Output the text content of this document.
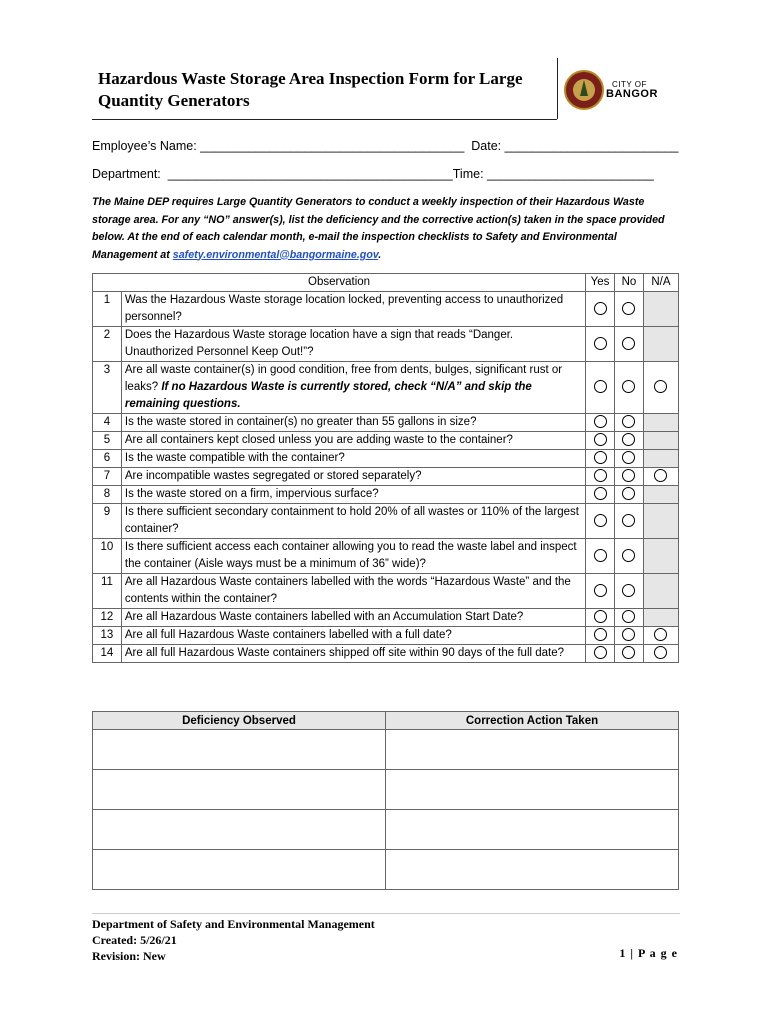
Hazardous Waste Storage Area Inspection Form for Large Quantity Generators
CITY OF
BANGOR
Employee’s Name: ______________________________________  Date: _________________________
Department:  _________________________________________Time: ________________________
The Maine DEP requires Large Quantity Generators to conduct a weekly inspection of their Hazardous Waste storage area. For any “NO” answer(s), list the deficiency and the corrective action(s) taken in the space provided below. At the end of each calendar month, e-mail the inspection checklists to Safety and Environmental Management at safety.environmental@bangormaine.gov.
Observation		Yes	No	N/A
1	Was the Hazardous Waste storage location locked, preventing access to unauthorized personnel?			
2	Does the Hazardous Waste storage location have a sign that reads “Danger. Unauthorized Personnel Keep Out!”?			
3	Are all waste container(s) in good condition, free from dents, bulges, significant rust or leaks? If no Hazardous Waste is currently stored, check “N/A” and skip the remaining questions.			
4	Is the waste stored in container(s) no greater than 55 gallons in size?			
5	Are all containers kept closed unless you are adding waste to the container?			
6	Is the waste compatible with the container?			
7	Are incompatible wastes segregated or stored separately?			
8	Is the waste stored on a firm, impervious surface?			
9	Is there sufficient secondary containment to hold 20% of all wastes or 110% of the largest container?			
10	Is there sufficient access each container allowing you to read the waste label and inspect the container (Aisle ways must be a minimum of 36” wide)?			
11	Are all Hazardous Waste containers labelled with the words “Hazardous Waste” and the contents within the container?			
12	Are all Hazardous Waste containers labelled with an Accumulation Start Date?			
13	Are all full Hazardous Waste containers labelled with a full date?			
14	Are all full Hazardous Waste containers shipped off site within 90 days of the full date?			
Deficiency Observed	Correction Action Taken

Department of Safety and Environmental Management
Created: 5/26/21
Revision: New	1 | P a g e
